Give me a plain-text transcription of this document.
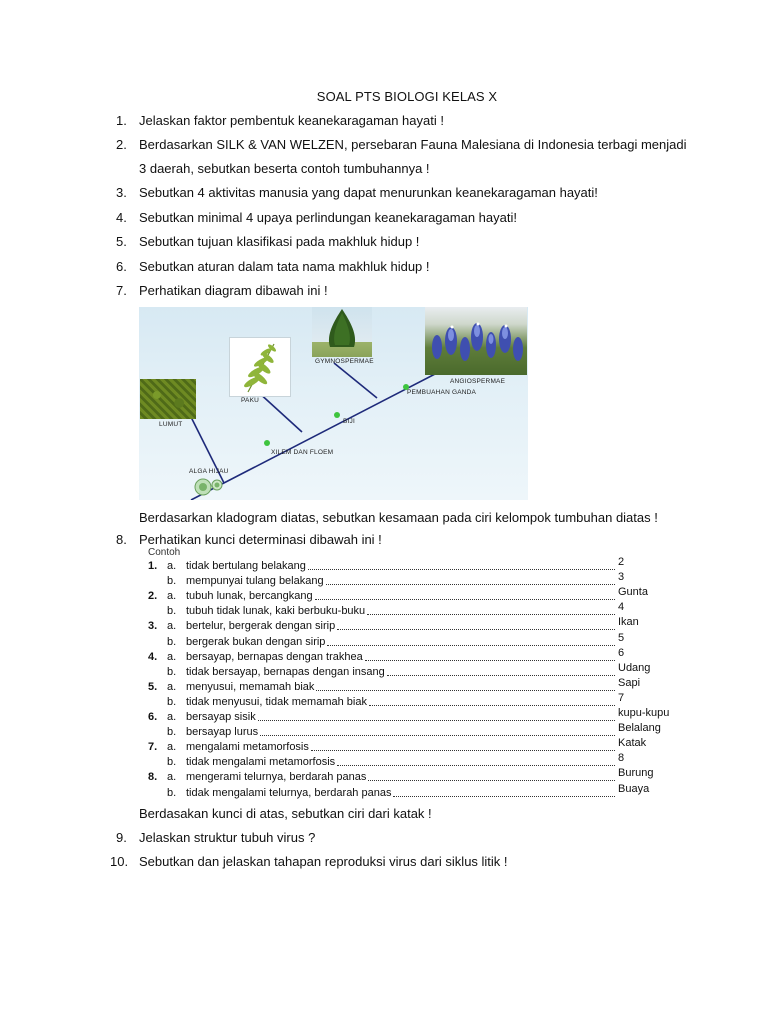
SOAL PTS BIOLOGI KELAS X
1. Jelaskan faktor pembentuk keanekaragaman hayati !
2. Berdasarkan SILK & VAN WELZEN, persebaran Fauna Malesiana di Indonesia terbagi menjadi 3 daerah, sebutkan beserta contoh tumbuhannya !
3. Sebutkan 4 aktivitas manusia yang dapat menurunkan keanekaragaman hayati!
4. Sebutkan minimal 4 upaya perlindungan keanekaragaman hayati!
5. Sebutkan tujuan klasifikasi pada makhluk hidup !
6. Sebutkan aturan dalam tata nama makhluk hidup !
7. Perhatikan diagram dibawah ini !
LUMUT
PAKU
GYMNOSPERMAE
ANGIOSPERMAE
ALGA HIJAU
XILEM DAN FLOEM
BIJI
PEMBUAHAN GANDA
Berdasarkan kladogram diatas, sebutkan kesamaan pada ciri kelompok tumbuhan diatas !
8. Perhatikan kunci determinasi dibawah ini !
Contoh
1. a. tidak bertulang belakang	2
b. mempunyai tulang belakang	3
2. a. tubuh lunak, bercangkang	Gunta
b. tubuh tidak lunak, kaki berbuku-buku	4
3. a. bertelur, bergerak dengan sirip	Ikan
b. bergerak bukan dengan sirip	5
4. a. bersayap, bernapas dengan trakhea	6
b. tidak bersayap, bernapas dengan insang	Udang
5. a. menyusui, memamah biak	Sapi
b. tidak menyusui, tidak memamah biak	7
6. a. bersayap sisik	kupu-kupu
b. bersayap lurus	Belalang
7. a. mengalami metamorfosis	Katak
b. tidak mengalami metamorfosis	8
8. a. mengerami telurnya, berdarah panas	Burung
b. tidak mengalami telurnya, berdarah panas	Buaya
Berdasakan kunci di atas, sebutkan ciri dari katak !
9. Jelaskan struktur tubuh virus ?
10. Sebutkan dan jelaskan tahapan reproduksi virus dari siklus litik !
